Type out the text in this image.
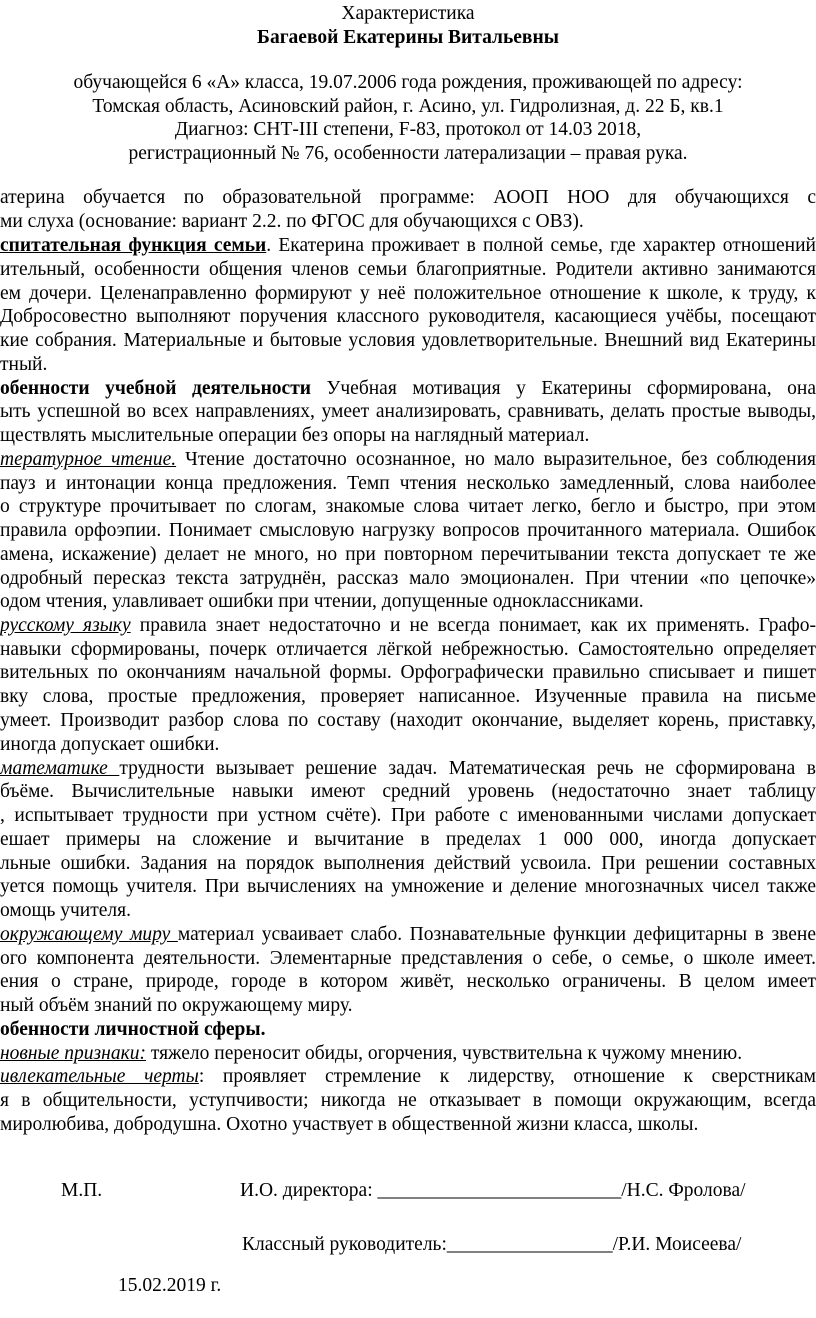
Характеристика
Багаевой Екатерины Витальевны
обучающейся 6 «А» класса, 19.07.2006 года рождения, проживающей по адресу:
Томская область, Асиновский район, г. Асино, ул. Гидролизная, д. 22 Б, кв.1
Диагноз: СНТ-III степени, F-83, протокол от 14.03 2018,
регистрационный № 76, особенности латерализации – правая рука.
атерина обучается по образовательной программе: АООП НОО для обучающихся с
ми слуха (основание: вариант 2.2. по ФГОС для обучающихся с ОВЗ).
спитательная функция семьи. Екатерина проживает в полной семье, где характер отношений
ительный, особенности общения членов семьи благоприятные. Родители активно занимаются
ем дочери. Целенаправленно формируют у неё положительное отношение к школе, к труду, к
Добросовестно выполняют поручения классного руководителя, касающиеся учёбы, посещают
кие собрания. Материальные и бытовые условия удовлетворительные. Внешний вид Екатерины
тный.
обенности учебной деятельности Учебная мотивация у Екатерины сформирована, она
ыть успешной во всех направлениях, умеет анализировать, сравнивать, делать простые выводы,
ществлять мыслительные операции без опоры на наглядный материал.
тературное чтение. Чтение достаточно осознанное, но мало выразительное, без соблюдения
пауз и интонации конца предложения. Темп чтения несколько замедленный, слова наиболее
о структуре прочитывает по слогам, знакомые слова читает легко, бегло и быстро, при этом
правила орфоэпии. Понимает смысловую нагрузку вопросов прочитанного материала. Ошибок
амена, искажение) делает не много, но при повторном перечитывании текста допускает те же
одробный пересказ текста затруднён, рассказ мало эмоционален. При чтении «по цепочке»
одом чтения, улавливает ошибки при чтении, допущенные одноклассниками.
русскому языку правила знает недостаточно и не всегда понимает, как их применять. Графо-
навыки сформированы, почерк отличается лёгкой небрежностью. Самостоятельно определяет
вительных по окончаниям начальной формы. Орфографически правильно списывает и пишет
вку слова, простые предложения, проверяет написанное. Изученные правила на письме
умеет. Производит разбор слова по составу (находит окончание, выделяет корень, приставку,
иногда допускает ошибки.
математике трудности вызывает решение задач. Математическая речь не сформирована в
бъёме. Вычислительные навыки имеют средний уровень (недостаточно знает таблицу
, испытывает трудности при устном счёте). При работе с именованными числами допускает
ешает примеры на сложение и вычитание в пределах 1 000 000, иногда допускает
льные ошибки. Задания на порядок выполнения действий усвоила. При решении составных
уется помощь учителя. При вычислениях на умножение и деление многозначных чисел также
омощь учителя.
окружающему миру материал усваивает слабо. Познавательные функции дефицитарны в звене
ого компонента деятельности. Элементарные представления о себе, о семье, о школе имеет.
ения о стране, природе, городе в котором живёт, несколько ограничены. В целом имеет
ный объём знаний по окружающему миру.
обенности личностной сферы.
новные признаки: тяжело переносит обиды, огорчения, чувствительна к чужому мнению.
ивлекательные черты: проявляет стремление к лидерству, отношение к сверстникам
я в общительности, уступчивости; никогда не отказывает в помощи окружающим, всегда
миролюбива, добродушна. Охотно участвует в общественной жизни класса, школы.
М.П.	И.О. директора: _________________________/Н.С. Фролова/
Классный руководитель:_________________/Р.И. Моисеева/
15.02.2019 г.
